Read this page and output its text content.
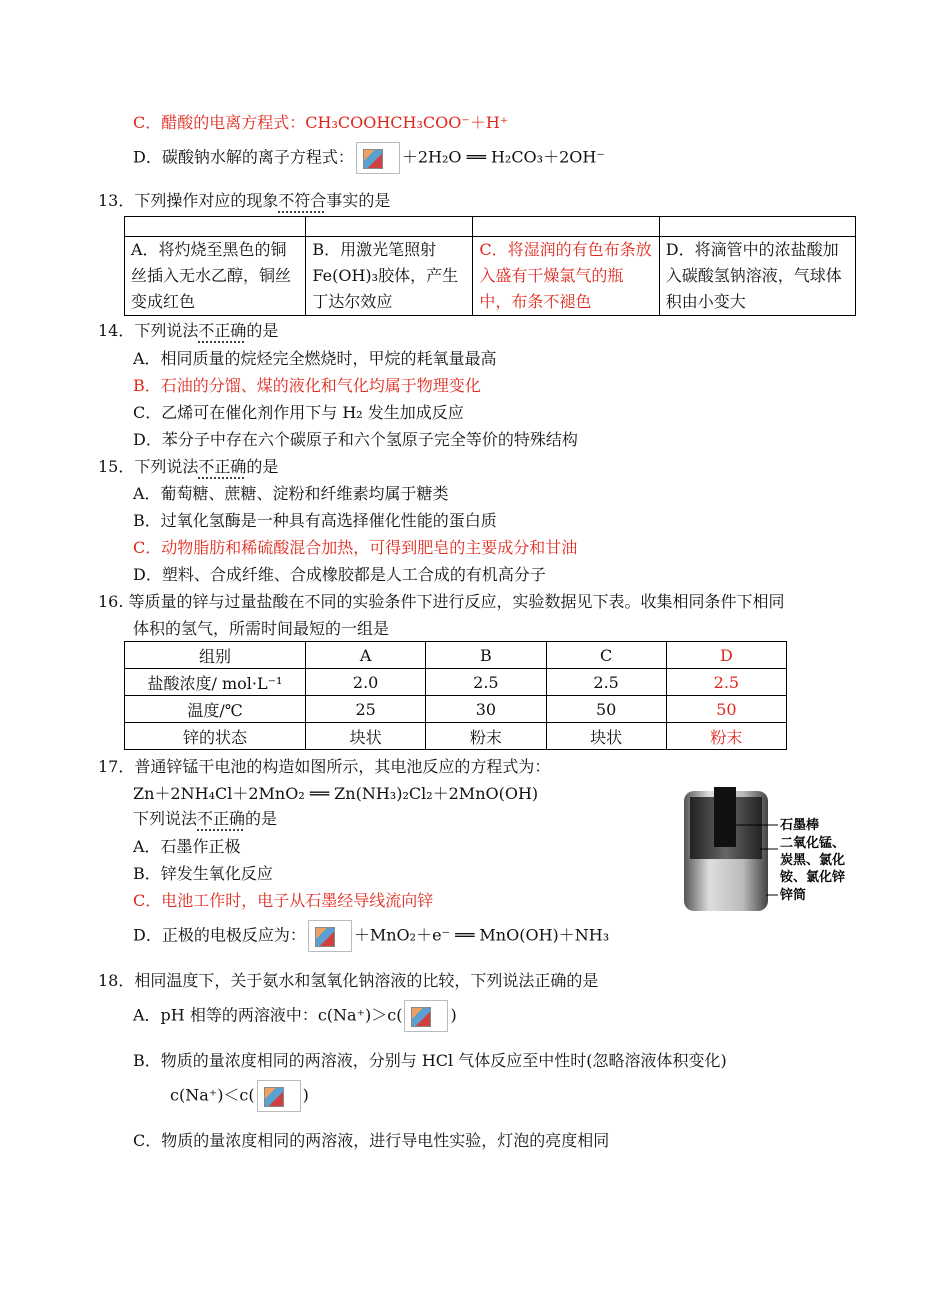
C．醋酸的电离方程式：CH₃COOHCH₃COO⁻＋H⁺
D．碳酸钠水解的离子方程式：	＋2H₂O ══ H₂CO₃＋2OH⁻
13．下列操作对应的现象不符合事实的是

A．将灼烧至黑色的铜丝插入无水乙醇，铜丝变成红色	B．用激光笔照射Fe(OH)₃胶体，产生丁达尔效应	C．将湿润的有色布条放入盛有干燥氯气的瓶中，布条不褪色	D．将滴管中的浓盐酸加入碳酸氢钠溶液，气球体积由小变大
14．下列说法不正确的是
A．相同质量的烷烃完全燃烧时，甲烷的耗氧量最高
B．石油的分馏、煤的液化和气化均属于物理变化
C．乙烯可在催化剂作用下与 H₂ 发生加成反应
D．苯分子中存在六个碳原子和六个氢原子完全等价的特殊结构
15．下列说法不正确的是
A．葡萄糖、蔗糖、淀粉和纤维素均属于糖类
B．过氧化氢酶是一种具有高选择催化性能的蛋白质
C．动物脂肪和稀硫酸混合加热，可得到肥皂的主要成分和甘油
D．塑料、合成纤维、合成橡胶都是人工合成的有机高分子
16. 等质量的锌与过量盐酸在不同的实验条件下进行反应，实验数据见下表。收集相同条件下相同
体积的氢气，所需时间最短的一组是
组别	A	B	C	D
盐酸浓度/ mol·L⁻¹	2.0	2.5	2.5	2.5
温度/℃	25	30	50	50
锌的状态	块状	粉末	块状	粉末
17．普通锌锰干电池的构造如图所示，其电池反应的方程式为：
Zn＋2NH₄Cl＋2MnO₂ ══ Zn(NH₃)₂Cl₂＋2MnO(OH)
下列说法不正确的是
A．石墨作正极
B．锌发生氧化反应
C．电池工作时，电子从石墨经导线流向锌
D．正极的电极反应为：	＋MnO₂＋e⁻ ══ MnO(OH)＋NH₃
石墨棒
二氧化锰、
炭黑、氯化
铵、氯化锌
锌筒
18．相同温度下，关于氨水和氢氧化钠溶液的比较，下列说法正确的是
A．pH 相等的两溶液中：c(Na⁺)＞c(	)
B．物质的量浓度相同的两溶液，分别与 HCl 气体反应至中性时(忽略溶液体积变化)
c(Na⁺)＜c(	)
C．物质的量浓度相同的两溶液，进行导电性实验，灯泡的亮度相同
